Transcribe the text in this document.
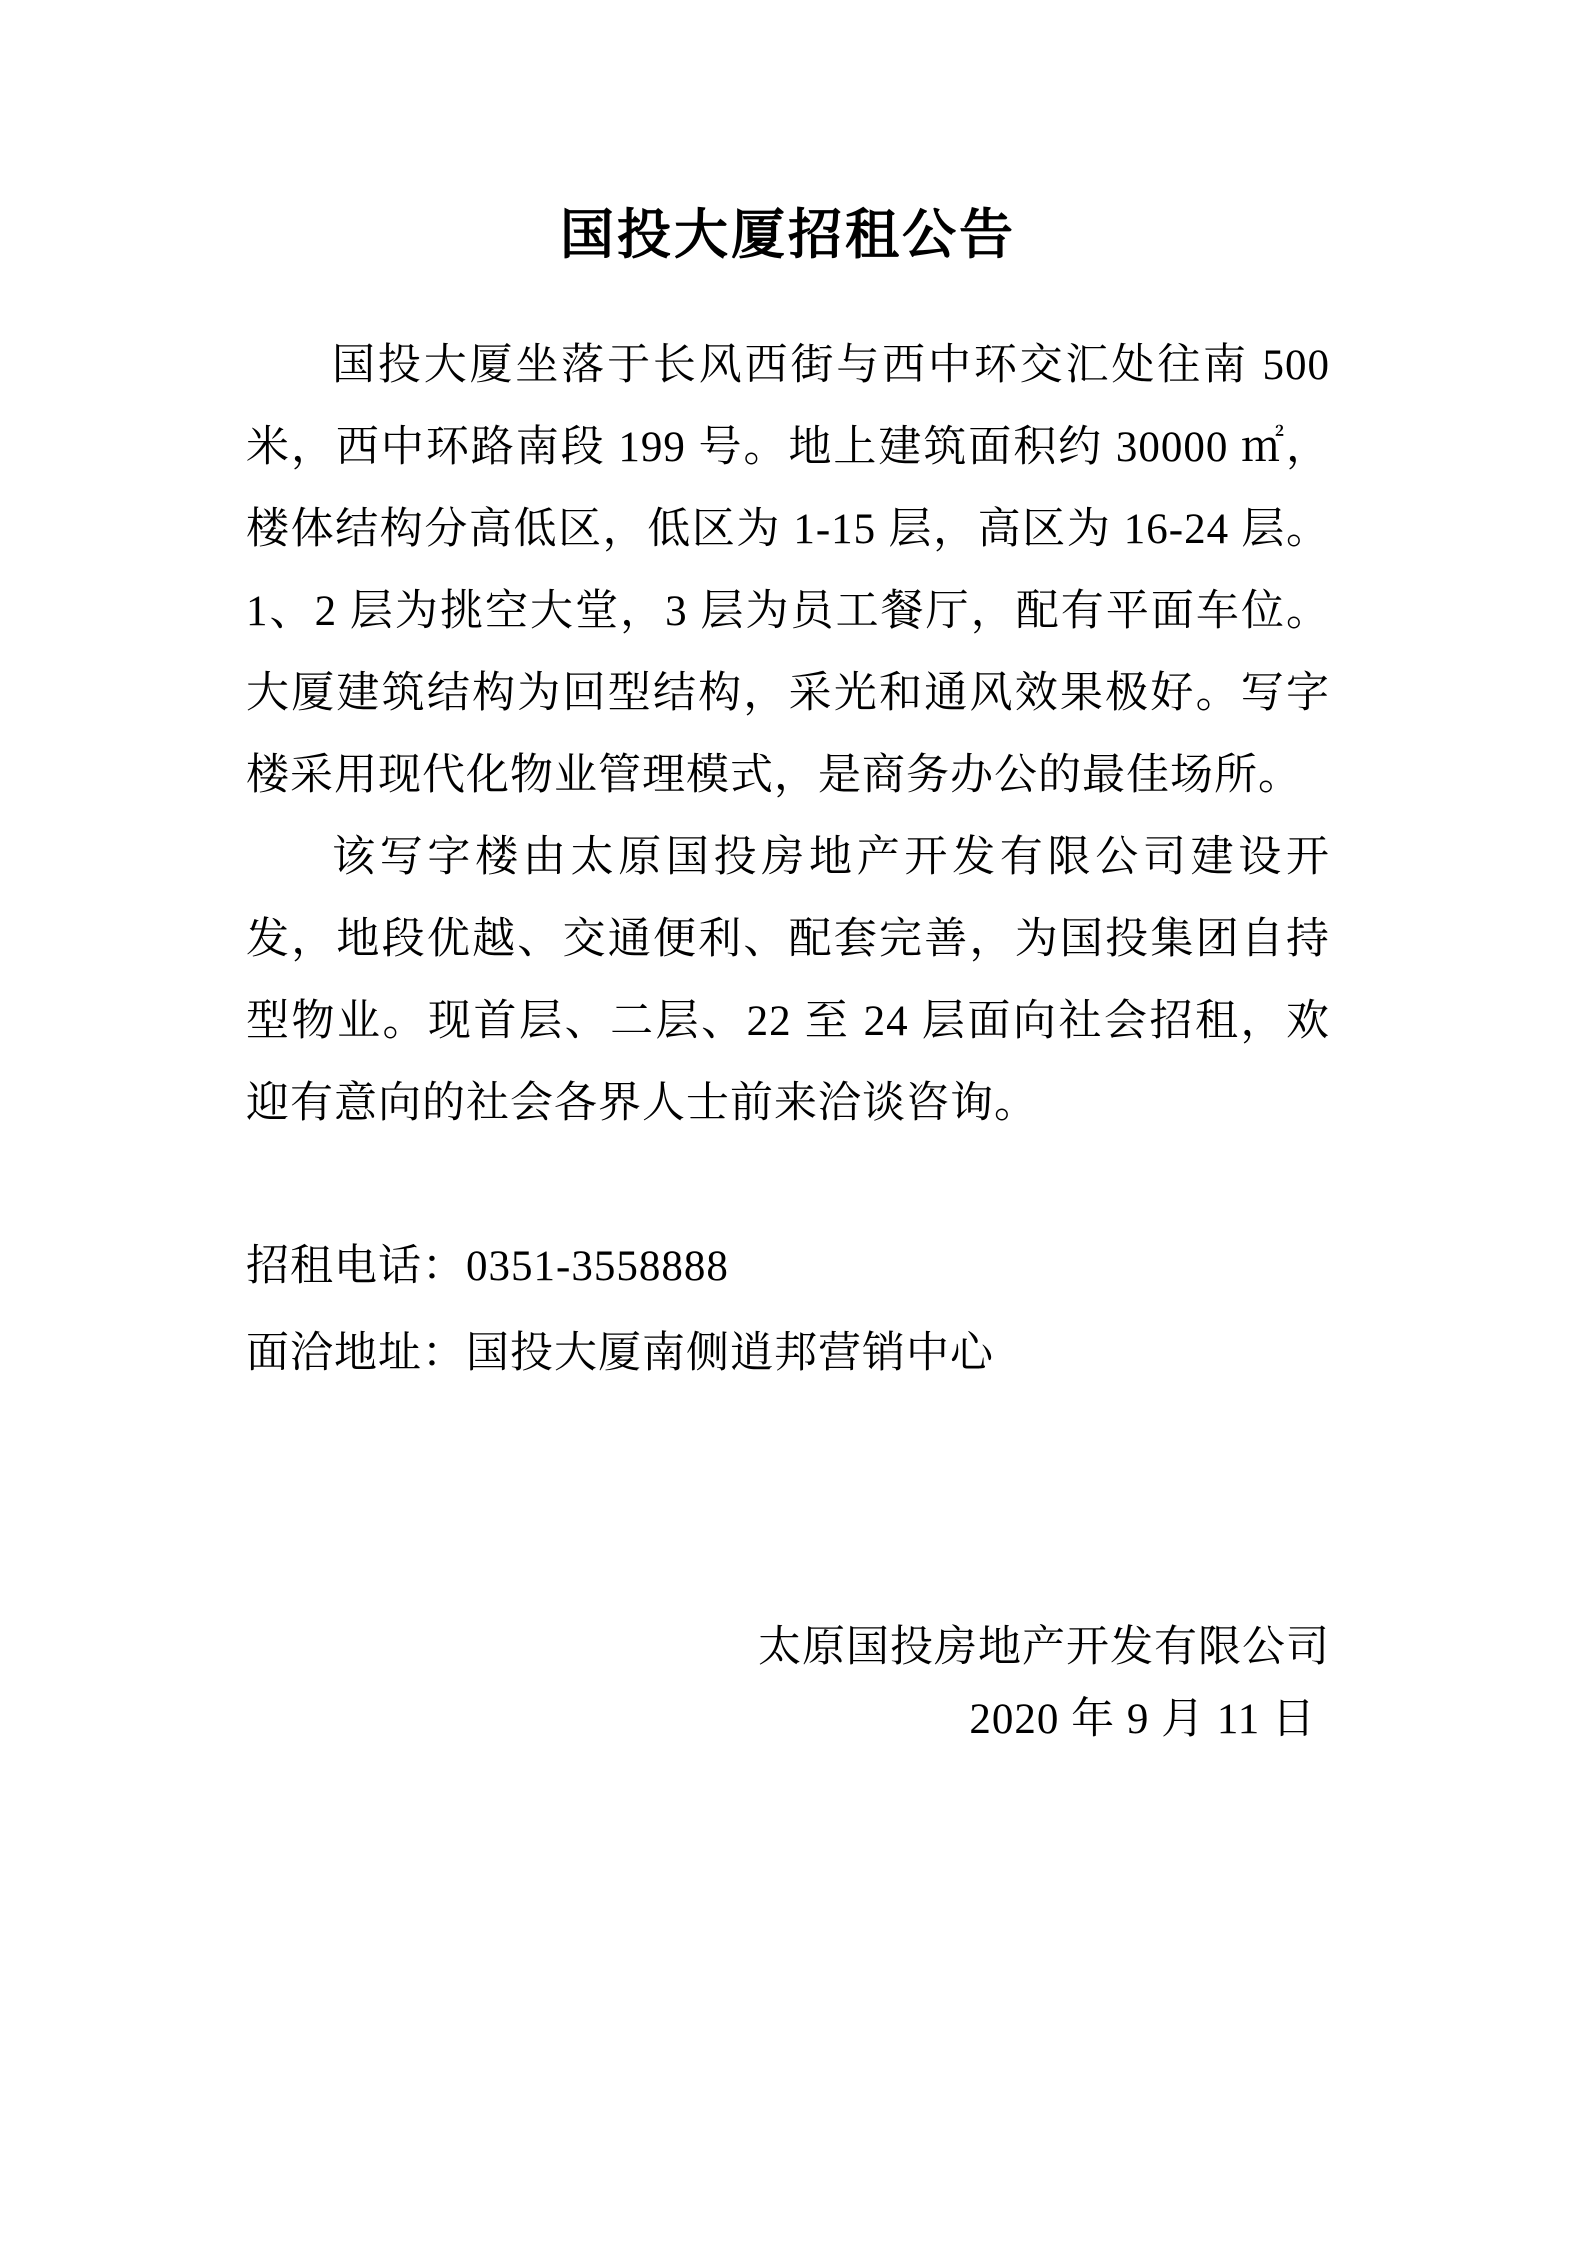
国投大厦招租公告

国投大厦坐落于长风西街与西中环交汇处往南 500 米，西中环路南段 199 号。地上建筑面积约 30000 ㎡，楼体结构分高低区，低区为 1-15 层，高区为 16-24 层。1、2 层为挑空大堂，3 层为员工餐厅，配有平面车位。大厦建筑结构为回型结构，采光和通风效果极好。写字楼采用现代化物业管理模式，是商务办公的最佳场所。

该写字楼由太原国投房地产开发有限公司建设开发，地段优越、交通便利、配套完善，为国投集团自持型物业。现首层、二层、22 至 24 层面向社会招租，欢迎有意向的社会各界人士前来洽谈咨询。

招租电话：0351-3558888

面洽地址：国投大厦南侧逍邦营销中心

太原国投房地产开发有限公司

2020 年 9 月 11 日
